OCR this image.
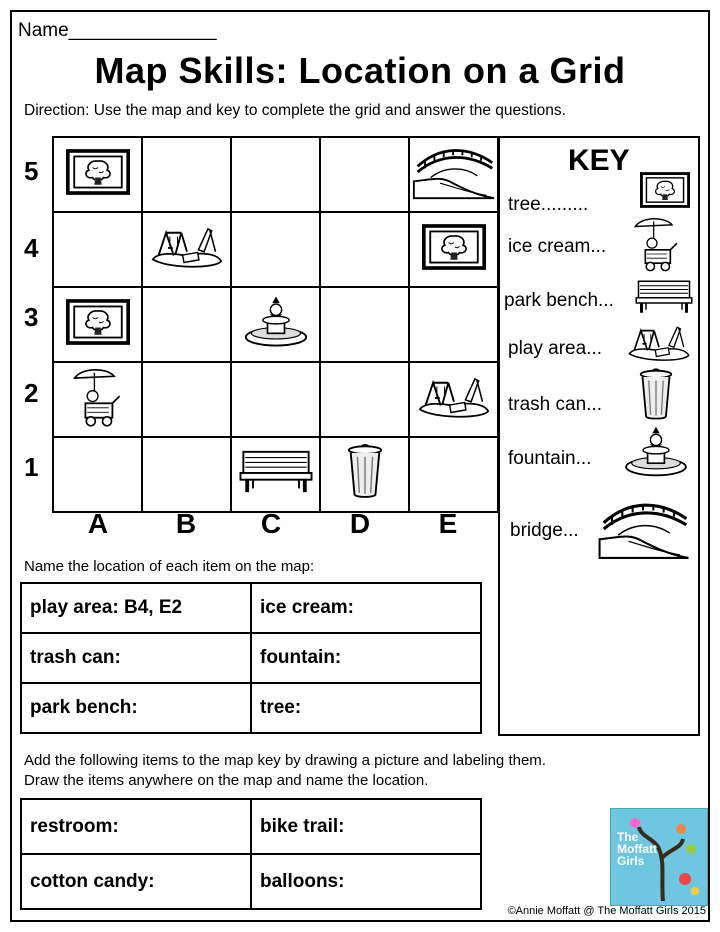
Name______________
Map Skills: Location on a Grid
Direction: Use the map and key to complete the grid and answer the questions.
5
4
3
2
1

A B C D E
KEY
tree.........
ice cream...
park bench...
play area...
trash can...
fountain...
bridge...
Name the location of each item on the map:
play area: B4, E2	ice cream:
trash can:	fountain:
park bench:	tree:
Add the following items to the map key by drawing a picture and labeling them.
Draw the items anywhere on the map and name the location.
restroom:	bike trail:
cotton candy:	balloons:
The
Moffatt
Girls
©Annie Moffatt @ The Moffatt Girls 2015
